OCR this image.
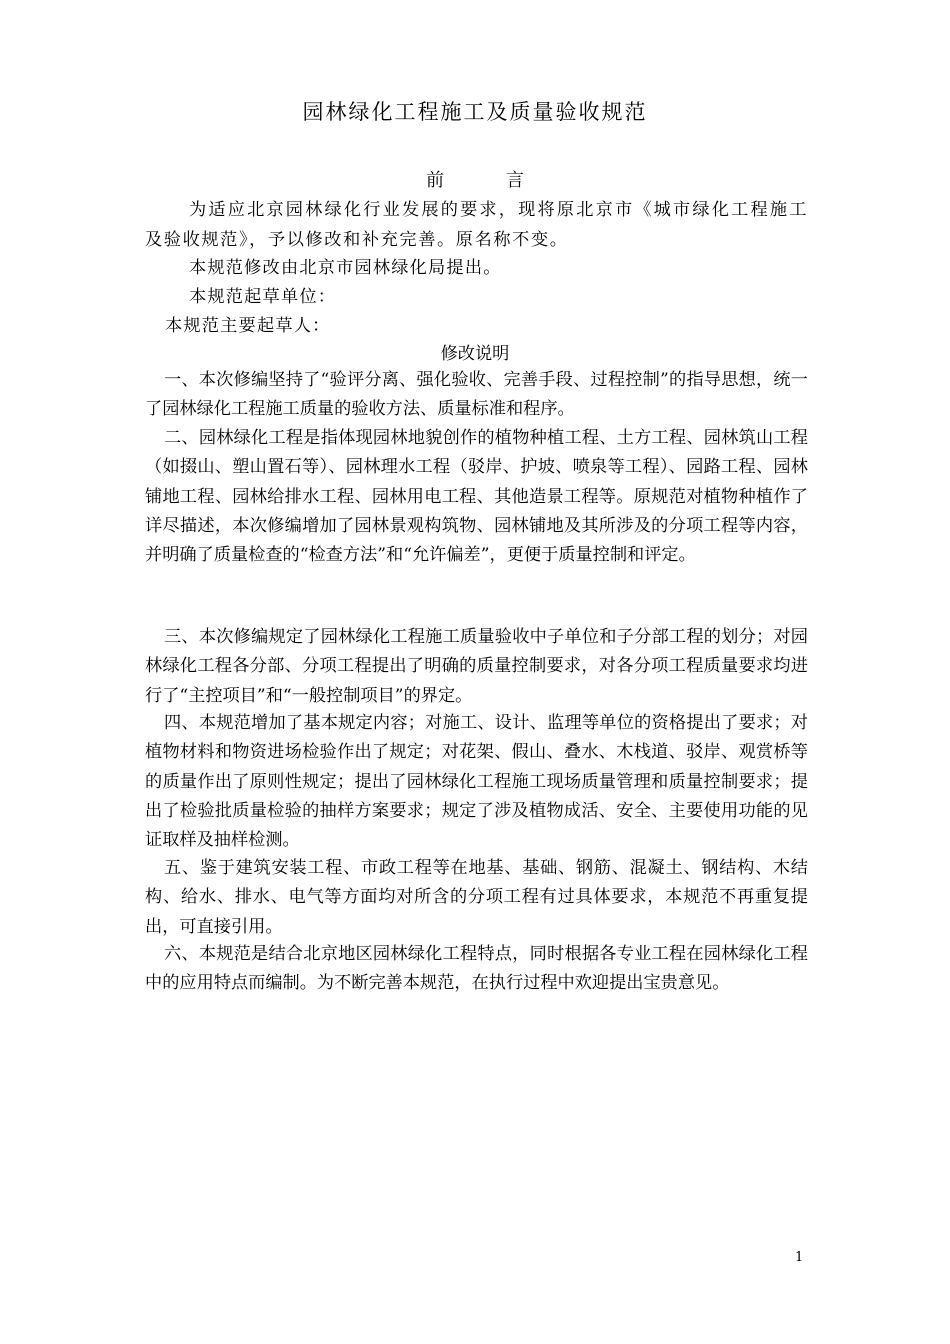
园林绿化工程施工及质量验收规范
前	言
为适应北京园林绿化行业发展的要求，现将原北京市《城市绿化工程施工及验收规范》，予以修改和补充完善。原名称不变。
本规范修改由北京市园林绿化局提出。
本规范起草单位：
本规范主要起草人：
修改说明
一、本次修编坚持了“验评分离、强化验收、完善手段、过程控制”的指导思想，统一了园林绿化工程施工质量的验收方法、质量标准和程序。
二、园林绿化工程是指体现园林地貌创作的植物种植工程、土方工程、园林筑山工程（如掇山、塑山置石等）、园林理水工程（驳岸、护坡、喷泉等工程）、园路工程、园林铺地工程、园林给排水工程、园林用电工程、其他造景工程等。原规范对植物种植作了详尽描述，本次修编增加了园林景观构筑物、园林铺地及其所涉及的分项工程等内容，并明确了质量检查的“检查方法”和“允许偏差”，更便于质量控制和评定。
三、本次修编规定了园林绿化工程施工质量验收中子单位和子分部工程的划分；对园林绿化工程各分部、分项工程提出了明确的质量控制要求，对各分项工程质量要求均进行了“主控项目”和“一般控制项目”的界定。
四、本规范增加了基本规定内容；对施工、设计、监理等单位的资格提出了要求；对植物材料和物资进场检验作出了规定；对花架、假山、叠水、木栈道、驳岸、观赏桥等的质量作出了原则性规定；提出了园林绿化工程施工现场质量管理和质量控制要求；提出了检验批质量检验的抽样方案要求；规定了涉及植物成活、安全、主要使用功能的见证取样及抽样检测。
五、鉴于建筑安装工程、市政工程等在地基、基础、钢筋、混凝土、钢结构、木结构、给水、排水、电气等方面均对所含的分项工程有过具体要求，本规范不再重复提出，可直接引用。
六、本规范是结合北京地区园林绿化工程特点，同时根据各专业工程在园林绿化工程中的应用特点而编制。为不断完善本规范，在执行过程中欢迎提出宝贵意见。
1
